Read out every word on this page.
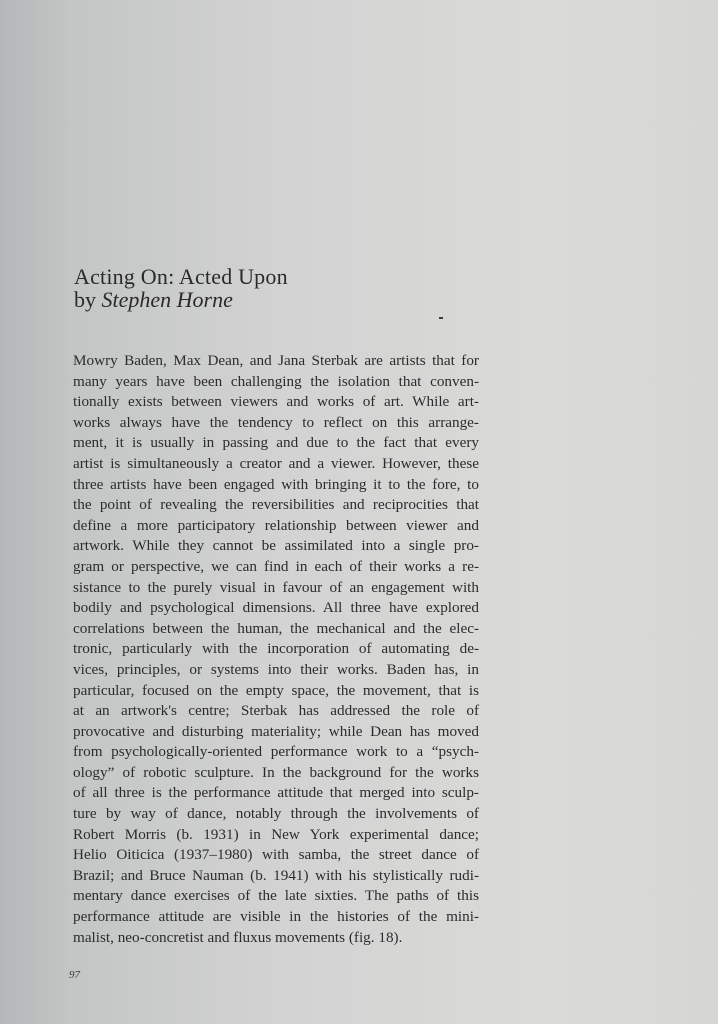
Acting On: Acted Upon

by Stephen Horne

Mowry Baden, Max Dean, and Jana Sterbak are artists that for
many years have been challenging the isolation that conven-
tionally exists between viewers and works of art. While art-
works always have the tendency to reflect on this arrange-
ment, it is usually in passing and due to the fact that every
artist is simultaneously a creator and a viewer. However, these
three artists have been engaged with bringing it to the fore, to
the point of revealing the reversibilities and reciprocities that
define a more participatory relationship between viewer and
artwork. While they cannot be assimilated into a single pro-
gram or perspective, we can find in each of their works a re-
sistance to the purely visual in favour of an engagement with
bodily and psychological dimensions. All three have explored
correlations between the human, the mechanical and the elec-
tronic, particularly with the incorporation of automating de-
vices, principles, or systems into their works. Baden has, in
particular, focused on the empty space, the movement, that is
at an artwork's centre; Sterbak has addressed the role of
provocative and disturbing materiality; while Dean has moved
from psychologically-oriented performance work to a “psych-
ology” of robotic sculpture. In the background for the works
of all three is the performance attitude that merged into sculp-
ture by way of dance, notably through the involvements of
Robert Morris (b. 1931) in New York experimental dance;
Helio Oiticica (1937–1980) with samba, the street dance of
Brazil; and Bruce Nauman (b. 1941) with his stylistically rudi-
mentary dance exercises of the late sixties. The paths of this
performance attitude are visible in the histories of the mini-
malist, neo-concretist and fluxus movements (fig. 18).
97
